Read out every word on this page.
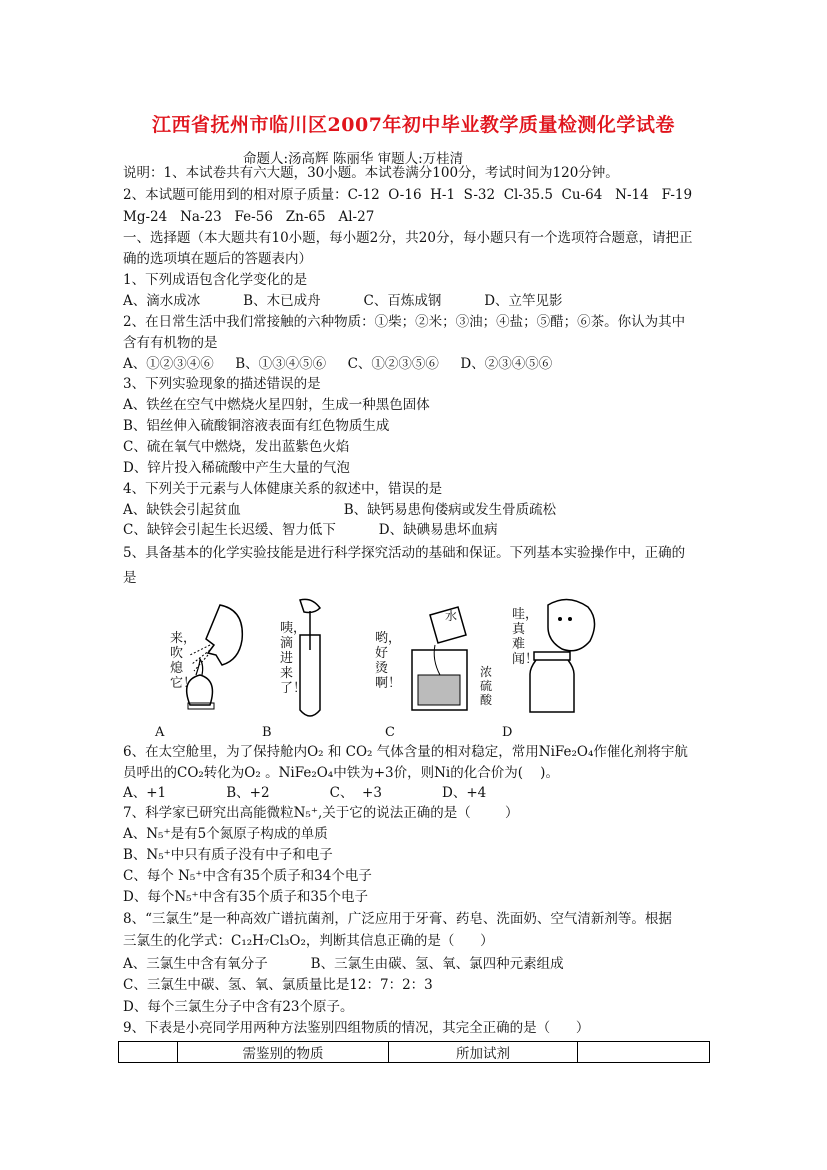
江西省抚州市临川区2007年初中毕业教学质量检测化学试卷
命题人:汤高辉 陈丽华 审题人:万桂清
说明：1、本试卷共有六大题，30小题。本试卷满分100分，考试时间为120分钟。
2、本试题可能用到的相对原子质量：C-12  O-16  H-1  S-32  Cl-35.5  Cu-64   N-14   F-19
Mg-24   Na-23   Fe-56   Zn-65   Al-27
一、选择题（本大题共有10小题，每小题2分，共20分，每小题只有一个选项符合题意，请把正
确的选项填在题后的答题表内）
1、下列成语包含化学变化的是
A、滴水成冰          B、木已成舟          C、百炼成钢          D、立竿见影
2、在日常生活中我们常接触的六种物质：①柴；②米；③油；④盐；⑤醋；⑥茶。你认为其中
含有有机物的是
A、①②③④⑥     B、①③④⑤⑥     C、①②③⑤⑥     D、②③④⑤⑥
3、下列实验现象的描述错误的是
A、铁丝在空气中燃烧火星四射，生成一种黑色固体
B、铝丝伸入硫酸铜溶液表面有红色物质生成
C、硫在氧气中燃烧，发出蓝紫色火焰
D、锌片投入稀硫酸中产生大量的气泡
4、下列关于元素与人体健康关系的叙述中，错误的是
A、缺铁会引起贫血                        B、缺钙易患佝偻病或发生骨质疏松
C、缺锌会引起生长迟缓、智力低下          D、缺碘易患坏血病
5、具备基本的化学实验技能是进行科学探究活动的基础和保证。下列基本实验操作中，正确的
是
来，吹熄它！
咦，滴进来了！
哟，好烫啊！
水
浓硫酸
哇，真难闻！
A	B	C	D
6、在太空舱里，为了保持舱内O₂ 和 CO₂ 气体含量的相对稳定，常用NiFe₂O₄作催化剂将宇航
员呼出的CO₂转化为O₂ 。NiFe₂O₄中铁为+3价，则Ni的化合价为(    )。
A、+1              B、+2              C、  +3              D、+4
7、科学家已研究出高能微粒N₅⁺,关于它的说法正确的是（        ）
A、N₅⁺是有5个氮原子构成的单质
B、N₅⁺中只有质子没有中子和电子
C、每个 N₅⁺中含有35个质子和34个电子
D、每个N₅⁺中含有35个质子和35个电子
8、“三氯生”是一种高效广谱抗菌剂，广泛应用于牙膏、药皂、洗面奶、空气清新剂等。根据
三氯生的化学式：C₁₂H₇Cl₃O₂，判断其信息正确的是（      ）
A、三氯生中含有氧分子          B、三氯生由碳、氢、氧、氯四种元素组成
C、三氯生中碳、氢、氧、氯质量比是12：7：2：3
D、每个三氯生分子中含有23个原子。
9、下表是小亮同学用两种方法鉴别四组物质的情况，其完全正确的是（      ）
	需鉴别的物质	所加试剂	
